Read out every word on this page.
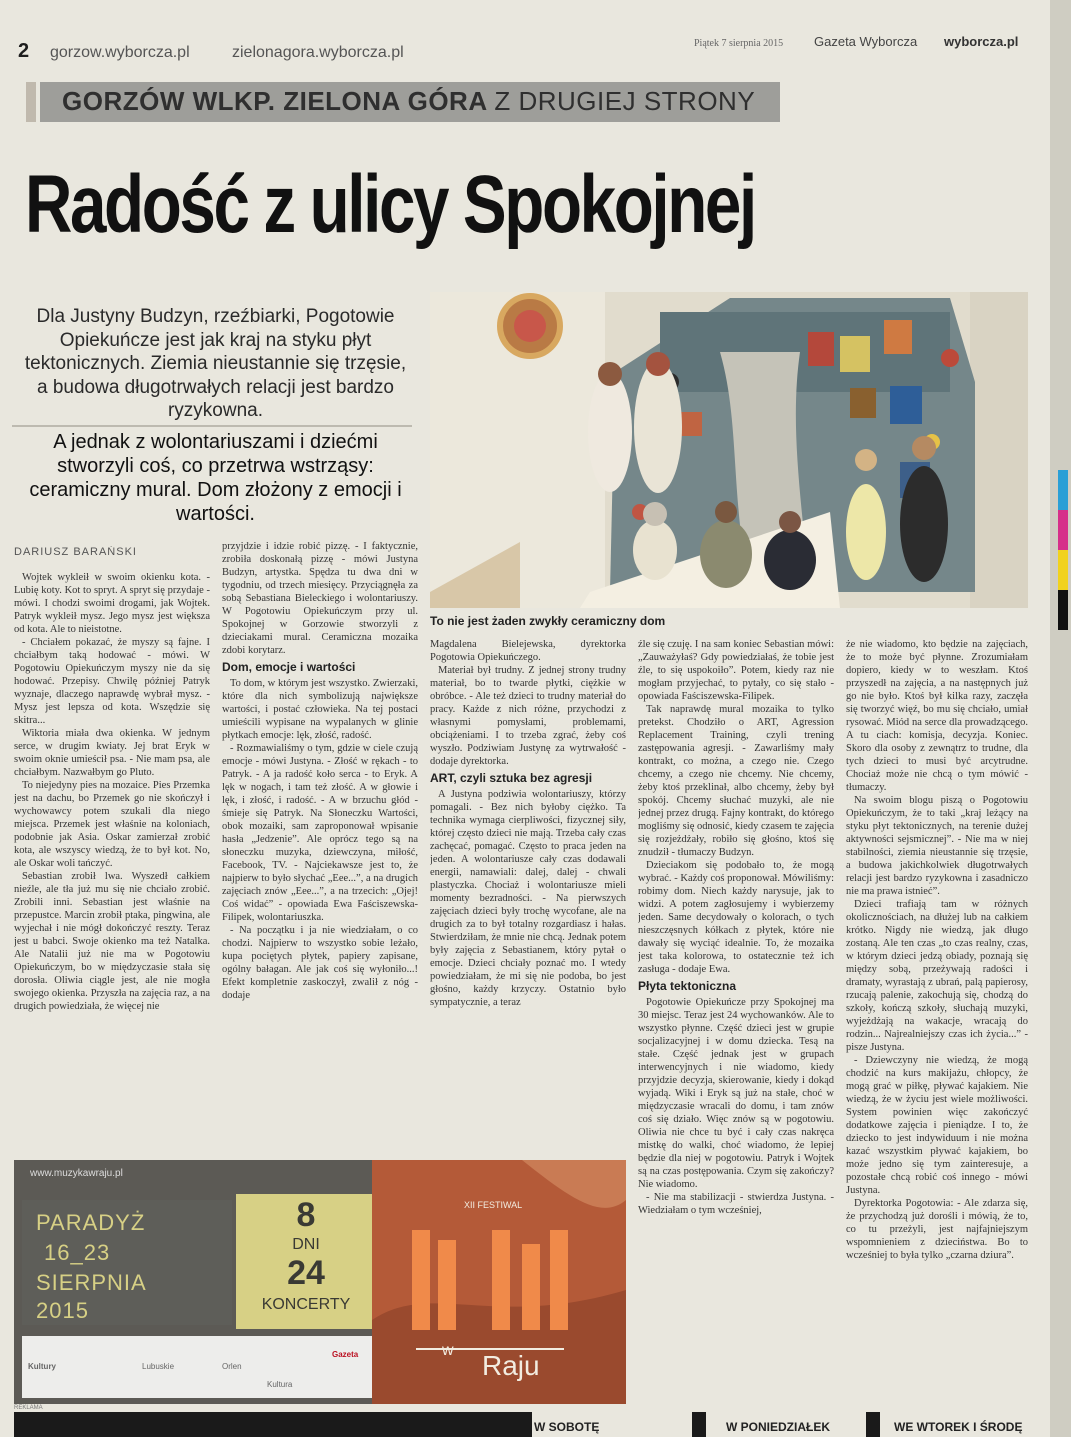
2 gorzow.wyborcza.pl	zielonagora.wyborcza.pl
Piątek 7 sierpnia 2015 Gazeta Wyborcza wyborcza.pl
GORZÓW WLKP. ZIELONA GÓRA Z DRUGIEJ STRONY
Radość z ulicy Spokojnej
Dla Justyny Budzyn, rzeźbiarki, Pogotowie Opiekuńcze jest jak kraj na styku płyt tektonicznych. Ziemia nieustannie się trzęsie, a budowa długotrwałych relacji jest bardzo ryzykowna.
A jednak z wolontariuszami i dziećmi stworzyli coś, co przetrwa wstrząsy: ceramiczny mural. Dom złożony z emocji i wartości.
To nie jest żaden zwykły ceramiczny dom
DARIUSZ BARAŃSKI

Wojtek wykleił w swoim okienku kota. - Lubię koty. Kot to spryt. A spryt się przydaje - mówi. I chodzi swoimi drogami, jak Wojtek. Patryk wykleił mysz. Jego mysz jest większa od kota. Ale to nieistotne.

- Chciałem pokazać, że myszy są fajne. I chciałbym taką hodować - mówi. W Pogotowiu Opiekuńczym myszy nie da się hodować. Przepisy. Chwilę później Patryk wyznaje, dlaczego naprawdę wybrał mysz. - Mysz jest lepsza od kota. Wszędzie się skitra...

Wiktoria miała dwa okienka. W jednym serce, w drugim kwiaty. Jej brat Eryk w swoim oknie umieścił psa. - Nie mam psa, ale chciałbym. Nazwałbym go Pluto.

To niejedyny pies na mozaice. Pies Przemka jest na dachu, bo Przemek go nie skończył i wychowawcy potem szukali dla niego miejsca. Przemek jest właśnie na koloniach, podobnie jak Asia. Oskar zamierzał zrobić kota, ale wszyscy wiedzą, że to był kot. No, ale Oskar woli tańczyć.

Sebastian zrobił lwa. Wyszedł całkiem nieźle, ale tła już mu się nie chciało zrobić. Zrobili inni. Sebastian jest właśnie na przepustce. Marcin zrobił ptaka, pingwina, ale wyjechał i nie mógł dokończyć reszty. Teraz jest u babci. Swoje okienko ma też Natalka. Ale Natalii już nie ma w Pogotowiu Opiekuńczym, bo w międzyczasie stała się dorosła. Oliwia ciągle jest, ale nie mogła swojego okienka. Przyszła na zajęcia raz, a na drugich powiedziała, że więcej nie

przyjdzie i idzie robić pizzę. - I faktycznie, zrobiła doskonałą pizzę - mówi Justyna Budzyn, artystka. Spędza tu dwa dni w tygodniu, od trzech miesięcy. Przyciągnęła za sobą Sebastiana Bieleckiego i wolontariuszy. W Pogotowiu Opiekuńczym przy ul. Spokojnej w Gorzowie stworzyli z dzieciakami mural. Ceramiczna mozaika zdobi korytarz.

Dom, emocje i wartości

To dom, w którym jest wszystko. Zwierzaki, które dla nich symbolizują największe wartości, i postać człowieka. Na tej postaci umieścili wypisane na wypalanych w glinie płytkach emocje: lęk, złość, radość.

- Rozmawialiśmy o tym, gdzie w ciele czują emocje - mówi Justyna. - Złość w rękach - to Patryk. - A ja radość koło serca - to Eryk. A lęk w nogach, i tam też złość. A w głowie i lęk, i złość, i radość. - A w brzuchu głód - śmieje się Patryk. Na Słoneczku Wartości, obok mozaiki, sam zaproponował wpisanie hasła „Jedzenie”. Ale oprócz tego są na słoneczku muzyka, dziewczyna, miłość, Facebook, TV. - Najciekawsze jest to, że najpierw to było słychać „Eee...”, a na drugich zajęciach znów „Eee...”, a na trzecich: „Ojej! Coś widać” - opowiada Ewa Faściszewska-Filipek, wolontariuszka.

- Na początku i ja nie wiedziałam, o co chodzi. Najpierw to wszystko sobie leżało, kupa pociętych płytek, papiery zapisane, ogólny bałagan. Ale jak coś się wyłoniło...! Efekt kompletnie zaskoczył, zwalił z nóg - dodaje

Magdalena Bielejewska, dyrektorka Pogotowia Opiekuńczego.

Materiał był trudny. Z jednej strony trudny materiał, bo to twarde płytki, ciężkie w obróbce. - Ale też dzieci to trudny materiał do pracy. Każde z nich różne, przychodzi z własnymi pomysłami, problemami, obciążeniami. I to trzeba zgrać, żeby coś wyszło. Podziwiam Justynę za wytrwałość - dodaje dyrektorka.

ART, czyli sztuka bez agresji

A Justyna podziwia wolontariuszy, którzy pomagali. - Bez nich byłoby ciężko. Ta technika wymaga cierpliwości, fizycznej siły, której często dzieci nie mają. Trzeba cały czas zachęcać, pomagać. Często to praca jeden na jeden. A wolontariusze cały czas dodawali energii, namawiali: dalej, dalej - chwali plastyczka. Chociaż i wolontariusze mieli momenty bezradności. - Na pierwszych zajęciach dzieci były trochę wycofane, ale na drugich za to był totalny rozgardiasz i hałas. Stwierdziłam, że mnie nie chcą. Jednak potem były zajęcia z Sebastianem, który pytał o emocje. Dzieci chciały poznać mo. I wtedy powiedziałam, że mi się nie podoba, bo jest głośno, każdy krzyczy. Ostatnio było sympatycznie, a teraz

źle się czuję. I na sam koniec Sebastian mówi: „Zauważyłaś? Gdy powiedziałaś, że tobie jest źle, to się uspokoiło”. Potem, kiedy raz nie mogłam przyjechać, to pytały, co się stało - opowiada Faściszewska-Filipek.

Tak naprawdę mural mozaika to tylko pretekst. Chodziło o ART, Agression Replacement Training, czyli trening zastępowania agresji. - Zawarliśmy mały kontrakt, co można, a czego nie. Czego chcemy, a czego nie chcemy. Nie chcemy, żeby ktoś przeklinał, albo chcemy, żeby był spokój. Chcemy słuchać muzyki, ale nie jednej przez drugą. Fajny kontrakt, do którego mogliśmy się odnosić, kiedy czasem te zajęcia się rozjeżdżały, robiło się głośno, ktoś się znudził - tłumaczy Budzyn.

Dzieciakom się podobało to, że mogą wybrać. - Każdy coś proponował. Mówiliśmy: robimy dom. Niech każdy narysuje, jak to widzi. A potem zagłosujemy i wybierzemy jeden. Same decydowały o kolorach, o tych nieszczęsnych kółkach z płytek, które nie dawały się wyciąć idealnie. To, że mozaika jest taka kolorowa, to ostatecznie też ich zasługa - dodaje Ewa.

Płyta tektoniczna

Pogotowie Opiekuńcze przy Spokojnej ma 30 miejsc. Teraz jest 24 wychowanków. Ale to wszystko płynne. Część dzieci jest w grupie socjalizacyjnej i w domu dziecka. Tesą na stałe. Część jednak jest w grupach interwencyjnych i nie wiadomo, kiedy przyjdzie decyzja, skierowanie, kiedy i dokąd wyjadą. Wiki i Eryk są już na stałe, choć w międzyczasie wracali do domu, i tam znów coś się działo. Więc znów są w pogotowiu. Oliwia nie chce tu być i cały czas nakręca mistkę do walki, choć wiadomo, że lepiej będzie dla niej w pogotowiu. Patryk i Wojtek są na czas postępowania. Czym się zakończy? Nie wiadomo.

- Nie ma stabilizacji - stwierdza Justyna. - Wiedziałam o tym wcześniej,

że nie wiadomo, kto będzie na zajęciach, że to może być płynne. Zrozumiałam dopiero, kiedy w to weszłam. Ktoś przyszedł na zajęcia, a na następnych już go nie było. Ktoś był kilka razy, zaczęła się tworzyć więź, bo mu się chciało, umiał rysować. Miód na serce dla prowadzącego. A tu ciach: komisja, decyzja. Koniec. Skoro dla osoby z zewnątrz to trudne, dla tych dzieci to musi być arcytrudne. Chociaż może nie chcą o tym mówić - tłumaczy.

Na swoim blogu piszą o Pogotowiu Opiekuńczym, że to taki „kraj leżący na styku płyt tektonicznych, na terenie dużej aktywności sejsmicznej”. - Nie ma w niej stabilności, ziemia nieustannie się trzęsie, a budowa jakichkolwiek długotrwałych relacji jest bardzo ryzykowna i zasadniczo nie ma prawa istnieć”.

Dzieci trafiają tam w różnych okolicznościach, na dłużej lub na całkiem krótko. Nigdy nie wiedzą, jak długo zostaną. Ale ten czas „to czas realny, czas, w którym dzieci jedzą obiady, poznają się między sobą, przeżywają radości i dramaty, wyrastają z ubrań, palą papierosy, rzucają palenie, zakochują się, chodzą do szkoły, kończą szkoły, słuchają muzyki, wyjeżdżają na wakacje, wracają do rodzin... Najrealniejszy czas ich życia...” - pisze Justyna.

- Dziewczyny nie wiedzą, że mogą chodzić na kurs makijażu, chłopcy, że mogą grać w piłkę, pływać kajakiem. Nie wiedzą, że w życiu jest wiele możliwości. System powinien więc zakończyć dodatkowe zajęcia i pieniądze. I to, że dziecko to jest indywiduum i nie można kazać wszystkim pływać kajakiem, bo może jedno się tym zainteresuje, a pozostałe chcą robić coś innego - mówi Justyna.

Dyrektorka Pogotowia: - Ale zdarza się, że przychodzą już dorośli i mówią, że to, co tu przeżyli, jest najfajniejszym wspomnieniem z dzieciństwa. Bo to wcześniej to była tylko „czarna dziura”.

www.muzykawraju.pl
PARADYŻ
16_23
SIERPNIA
2015
8
DNI
24
KONCERTY
XII FESTIWAL
w Raju
Kultury	Lubuskie	Orlen
Kultura
Gazeta
REKLAMA
W SOBOTĘ	W PONIEDZIAŁEK	WE WTOREK I ŚRODĘ
